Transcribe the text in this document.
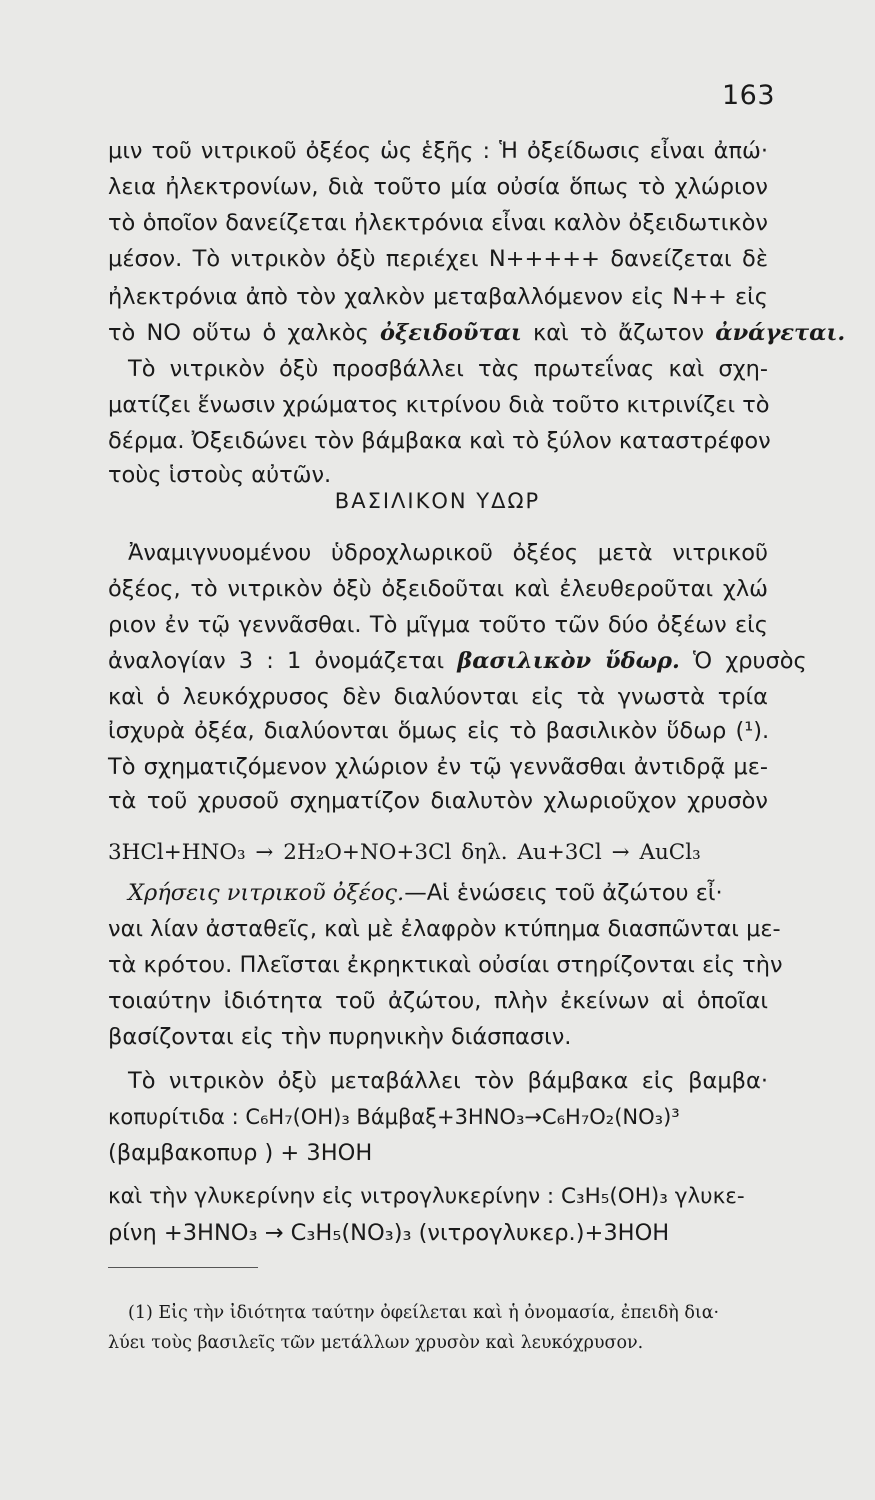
163
μιν τοῦ νιτρικοῦ ὀξέος ὡς ἑξῆς : Ἡ ὀξείδωσις εἶναι ἀπώ·
λεια ἠλεκτρονίων, διὰ τοῦτο μία οὐσία ὅπως τὸ χλώριον
τὸ ὁποῖον δανείζεται ἠλεκτρόνια εἶναι καλὸν ὀξειδωτικὸν
μέσον. Τὸ νιτρικὸν ὀξὺ περιέχει N+++++ δανείζεται δὲ
ἠλεκτρόνια ἀπὸ τὸν χαλκὸν μεταβαλλόμενον εἰς N++ εἰς
τὸ NO οὕτω ὁ χαλκὸς ὀξειδοῦται καὶ τὸ ἄζωτον ἀνάγεται.
Τὸ νιτρικὸν ὀξὺ προσβάλλει τὰς πρωτεΐνας καὶ σχη-
ματίζει ἕνωσιν χρώματος κιτρίνου διὰ τοῦτο κιτρινίζει τὸ
δέρμα. Ὀξειδώνει τὸν βάμβακα καὶ τὸ ξύλον καταστρέφον
τοὺς ἱστοὺς αὐτῶν.
ΒΑΣΙΛΙΚΟΝ ΥΔΩΡ
Ἀναμιγνυομένου ὑδροχλωρικοῦ ὀξέος μετὰ νιτρικοῦ
ὀξέος, τὸ νιτρικὸν ὀξὺ ὀξειδοῦται καὶ ἐλευθεροῦται χλώ
ριον ἐν τῷ γεννᾶσθαι. Τὸ μῖγμα τοῦτο τῶν δύο ὀξέων εἰς
ἀναλογίαν 3 : 1 ὀνομάζεται βασιλικὸν ὕδωρ. Ὁ χρυσὸς
καὶ ὁ λευκόχρυσος δὲν διαλύονται εἰς τὰ γνωστὰ τρία
ἰσχυρὰ ὀξέα, διαλύονται ὅμως εἰς τὸ βασιλικὸν ὕδωρ (¹).
Τὸ σχηματιζόμενον χλώριον ἐν τῷ γεννᾶσθαι ἀντιδρᾷ με-
τὰ τοῦ χρυσοῦ σχηματίζον διαλυτὸν χλωριοῦχον χρυσὸν
3HCl+HNO₃ → 2H₂O+NO+3Cl δηλ. Au+3Cl → AuCl₃
Χρήσεις νιτρικοῦ ὀξέος.—Αἱ ἑνώσεις τοῦ ἀζώτου εἶ·
ναι λίαν ἀσταθεῖς, καὶ μὲ ἐλαφρὸν κτύπημα διασπῶνται με-
τὰ κρότου. Πλεῖσται ἐκρηκτικαὶ οὐσίαι στηρίζονται εἰς τὴν
τοιαύτην ἰδιότητα τοῦ ἀζώτου, πλὴν ἐκείνων αἱ ὁποῖαι
βασίζονται εἰς τὴν πυρηνικὴν διάσπασιν.
Τὸ νιτρικὸν ὀξὺ μεταβάλλει τὸν βάμβακα εἰς βαμβα·
κοπυρίτιδα : C₆H₇(OH)₃ Βάμβαξ+3HNO₃→C₆H₇O₂(NO₃)³
(βαμβακοπυρ ) + 3HOH
καὶ τὴν γλυκερίνην εἰς νιτρογλυκερίνην : C₃H₅(OH)₃ γλυκε-
ρίνη +3HNO₃ → C₃H₅(NO₃)₃ (νιτρογλυκερ.)+3HOH
(1) Εἰς τὴν ἰδιότητα ταύτην ὀφείλεται καὶ ἡ ὀνομασία, ἐπειδὴ δια·
λύει τοὺς βασιλεῖς τῶν μετάλλων χρυσὸν καὶ λευκόχρυσον.
